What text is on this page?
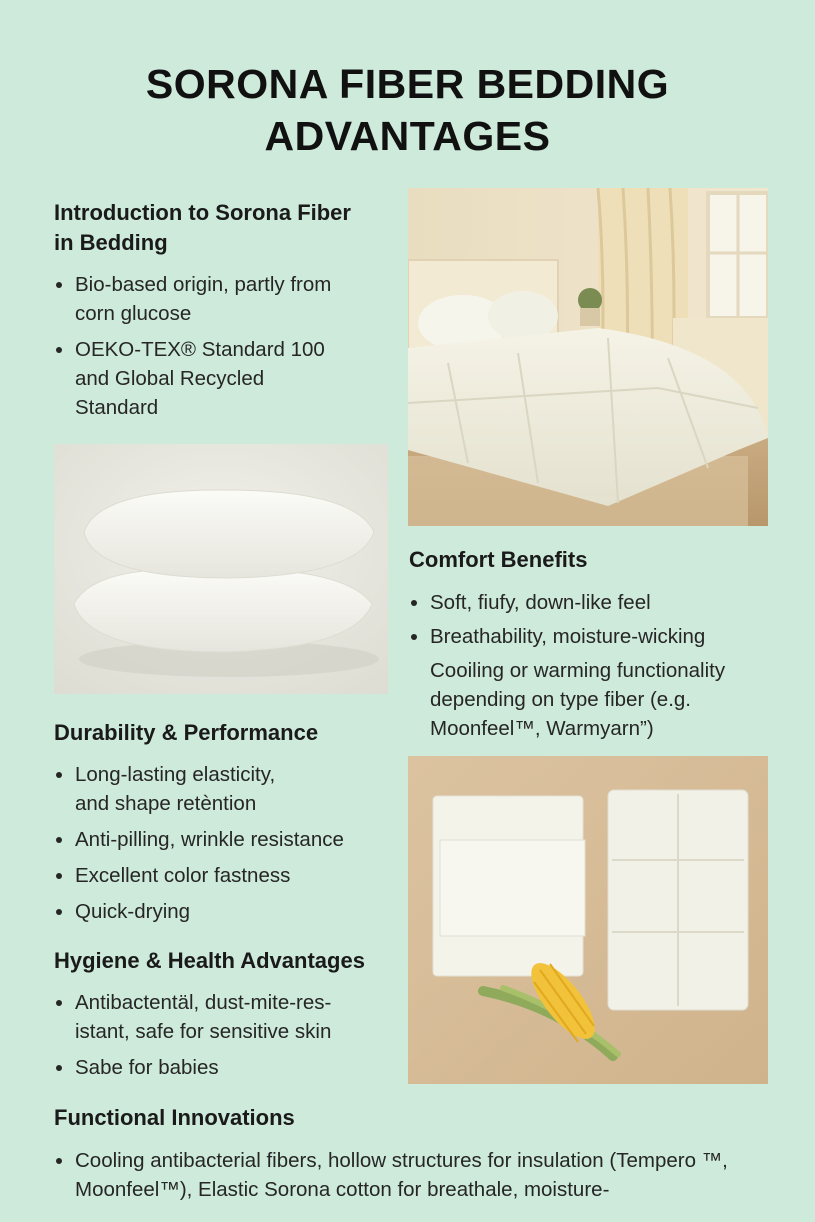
SORONA FIBER BEDDING
ADVANTAGES
Introduction to Sorona Fiber
in Bedding
Bio-based origin, partly from corn glucose
OEKO-TEX® Standard 100 and Global Recycled Standard
Comfort Benefits
Soft, fiufy, down-like feel
Breathability, moisture-wicking
Cooiling or warming functionality depending on type fiber (e.g. Moonfeel™, Warmyarn”)
Durability & Performance
Long-lasting elasticity, and shape retèntion
Anti-pilling, wrinkle resistance
Excellent color fastness
Quick-drying
Hygiene & Health Advantages
Antibactentäl, dust-mite-res-istant, safe for sensitive skin
Sabe for babies
Functional Innovations
Cooling antibacterial fibers, hollow structures for insulation (Tempero ™, Moonfeel™), Elastic Sorona cotton for breathale, moisture-
